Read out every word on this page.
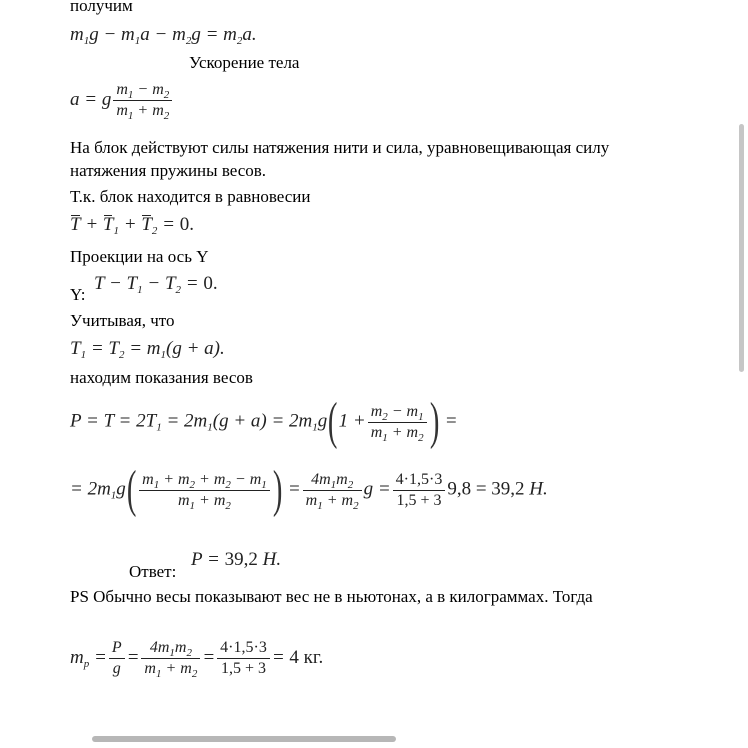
получим
$m_1g - m_1a - m_2g = m_2a$.
Ускорение тела
a = g $\frac{m_1 - m_2}{m_1 + m_2}$
На блок действуют силы натяжения нити и сила, уравновещивающая силу
натяжения пружины весов.
Т.к. блок находится в равновесии
$T + T_1 + T_2 = 0$.
Проекции на ось Y
Y:
$T - T_1 - T_2 = 0$.
Учитывая, что
$T_1 = T_2 = m_1(g + a)$.
находим показания весов
$P = T = 2T_1 = 2m_1(g + a) = 2m_1g(1 + \frac{m_2 - m_1}{m_1 + m_2}$ ) =
= $2m_1g( \frac{m_1 + m_2 + m_2 - m_1}{m_1 + m_2}$ ) = $\frac{4m_1m_2}{m_1 + m_2}$ $g = \frac{4\cdot 1,5\cdot 3}{1,5 + 3} 9,8 = 39,2$ H.
Ответ:
P = 39,2 H.
PS Обычно весы показывают вес не в ньютонах, а в килограммах. Тогда
$m_p = \frac{P}{g} = \frac{4m_1m_2}{m_1 + m_2} = \frac{4\cdot 1,5\cdot 3}{1,5 + 3} = 4$ кг.
